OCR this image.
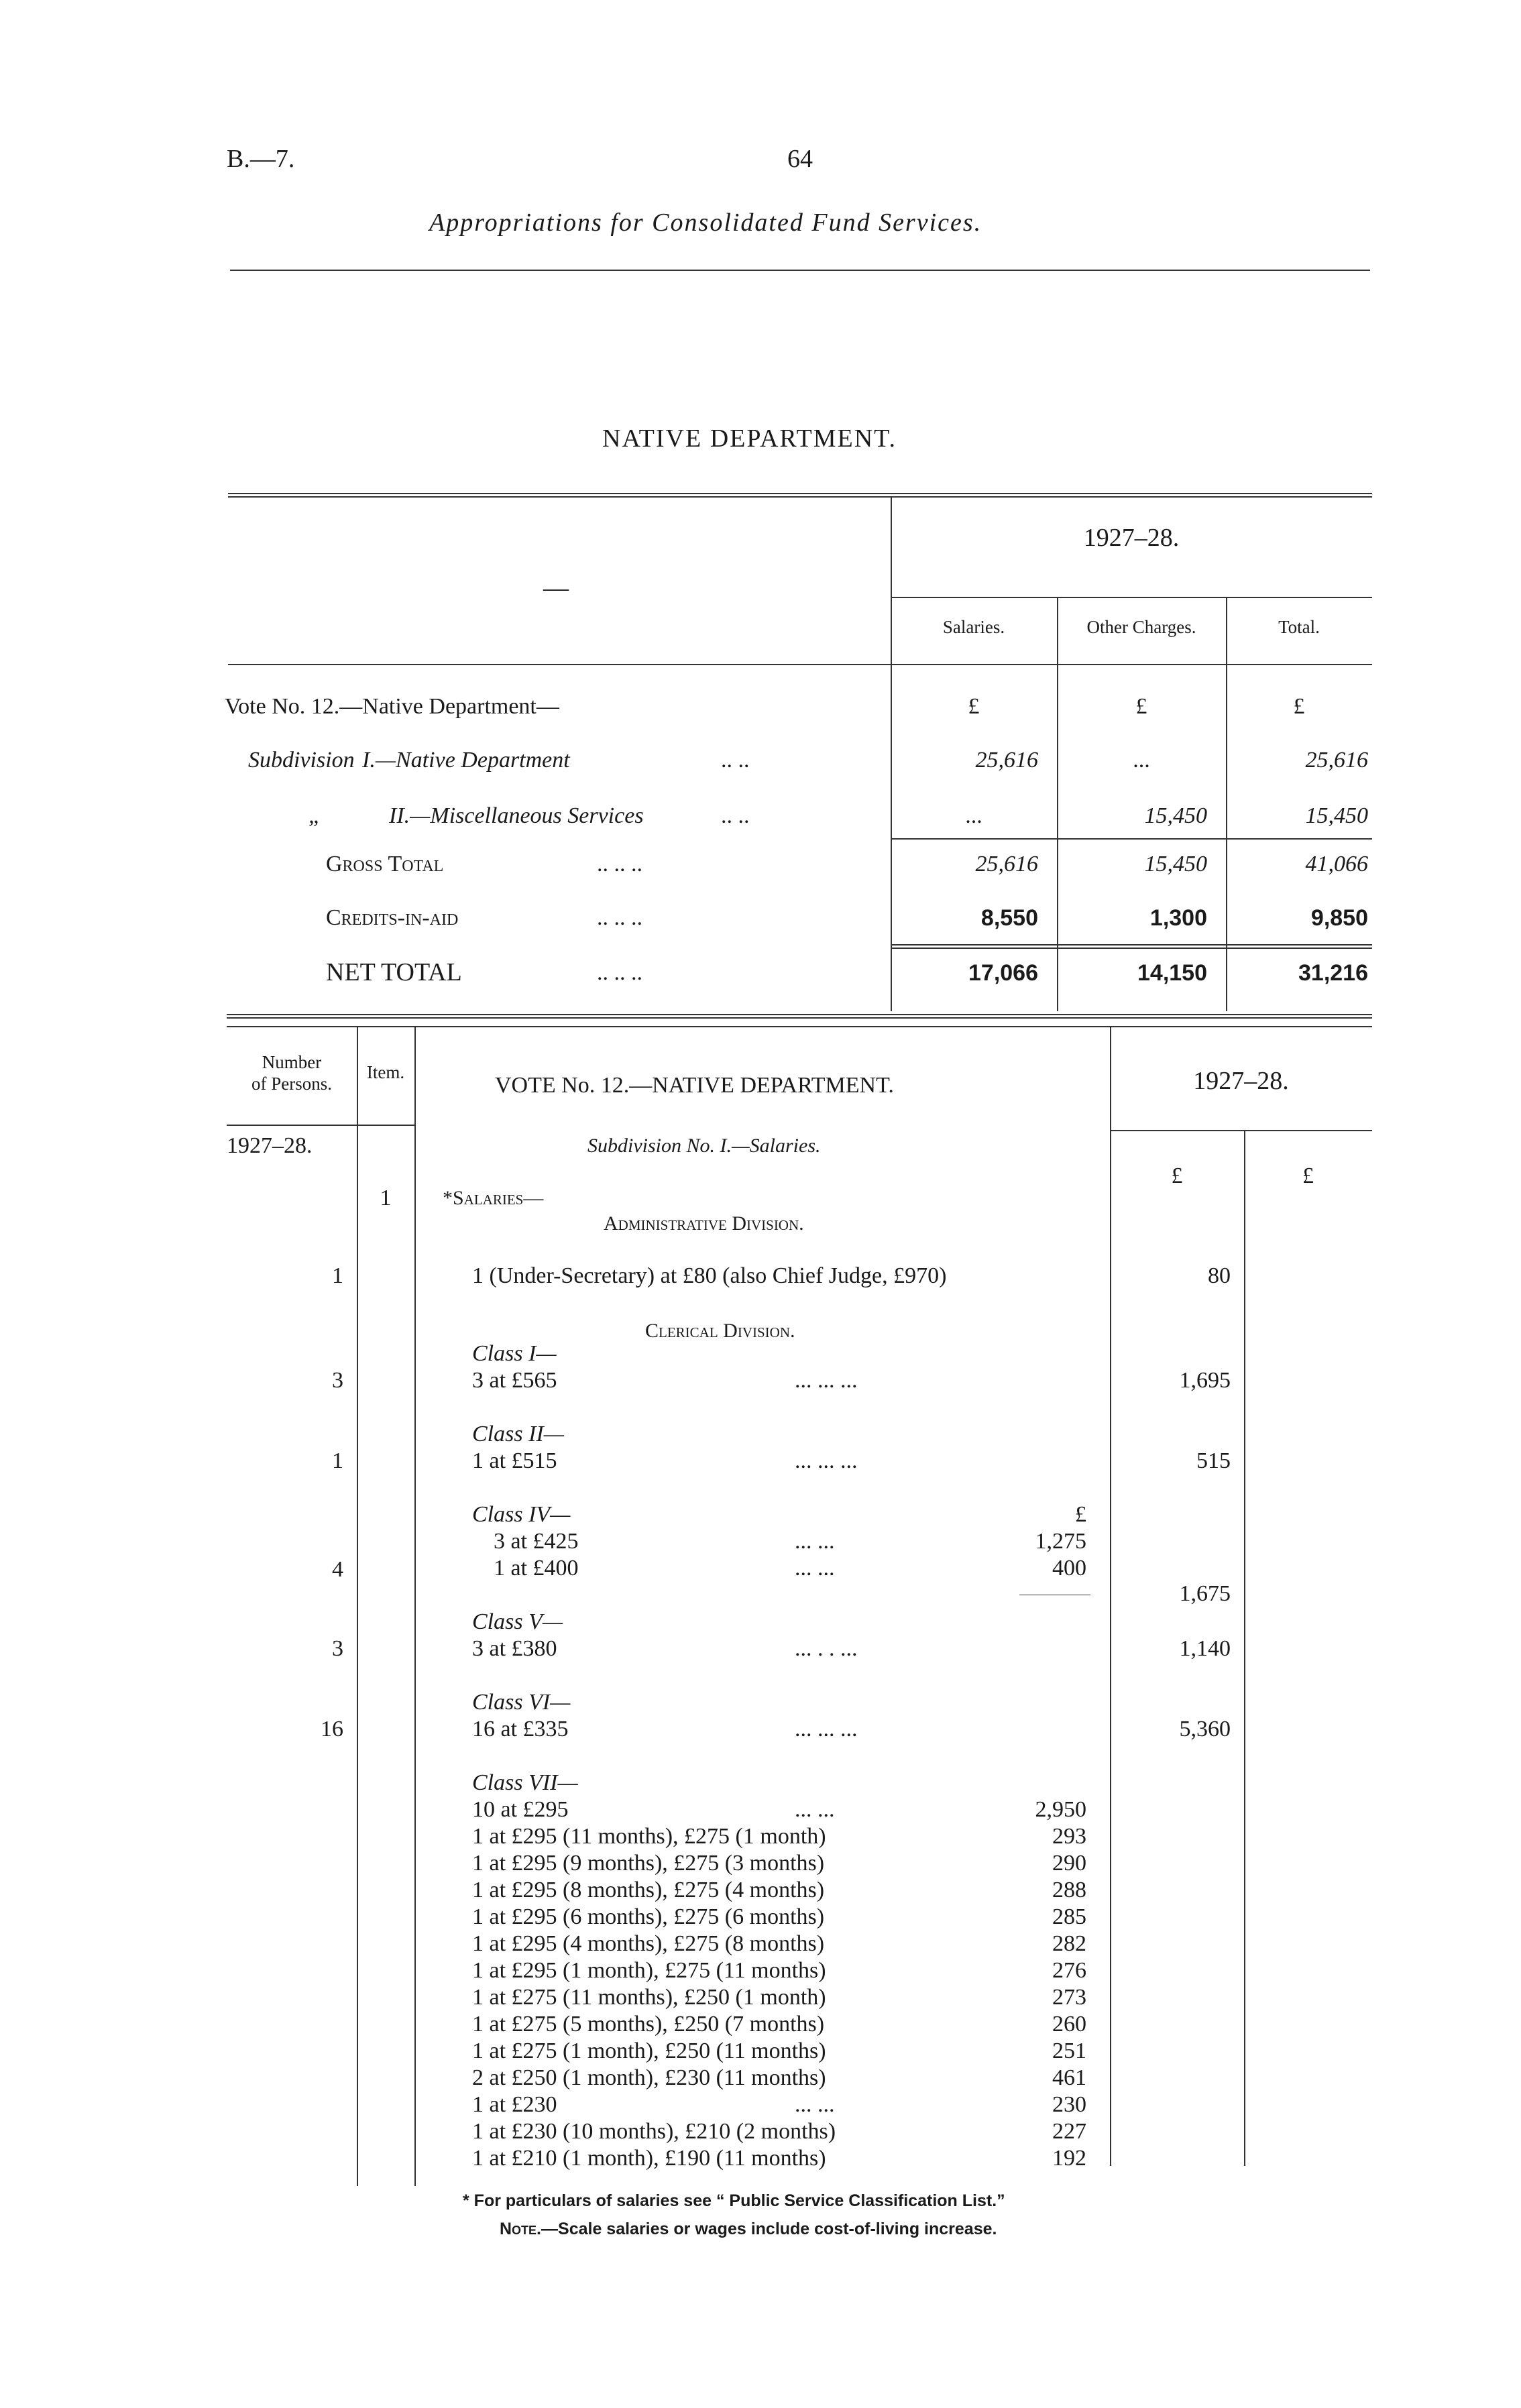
B.—7.	64
Appropriations for Consolidated Fund Services.
NATIVE DEPARTMENT.
—
1927–28.
Salaries.	Other Charges.	Total.
Vote No. 12.—Native Department—	£	£	£
Subdivision I.—Native Department	.. ..	25,616	...	25,616
„	II.—Miscellaneous Services	.. ..	...	15,450	15,450
Gross Total	.. .. ..	25,616	15,450	41,066
Credits-in-aid	.. .. ..	8,550	1,300	9,850
NET TOTAL	.. .. ..	17,066	14,150	31,216
Number
of Persons.
Item.
VOTE No. 12.—NATIVE DEPARTMENT.	1927–28.
1927–28.	Subdivision No. I.—Salaries.
£	£
1	*Salaries—
Administrative Division.
1	1 (Under-Secretary) at £80 (also Chief Judge, £970)	80
Clerical Division.
Class I—
3	3 at £565	... ... ...	1,695
Class II—
1	1 at £515	... ... ...	515
Class IV—	£
3 at £425	... ...	1,275
4	1 at £400	... ...	400
1,675
Class V—
3	3 at £380	... . . ...	1,140
Class VI—
16	16 at £335	... ... ...	5,360
Class VII—
10 at £295	... ...	2,950
1 at £295 (11 months), £275 (1 month)	293
1 at £295 (9 months), £275 (3 months)	290
1 at £295 (8 months), £275 (4 months)	288
1 at £295 (6 months), £275 (6 months)	285
1 at £295 (4 months), £275 (8 months)	282
1 at £295 (1 month), £275 (11 months)	276
1 at £275 (11 months), £250 (1 month)	273
1 at £275 (5 months), £250 (7 months)	260
1 at £275 (1 month), £250 (11 months)	251
2 at £250 (1 month), £230 (11 months)	461
1 at £230	... ...	230
1 at £230 (10 months), £210 (2 months)	227
1 at £210 (1 month), £190 (11 months)	192
* For particulars of salaries see “ Public Service Classification List.”
Note.—Scale salaries or wages include cost-of-living increase.
